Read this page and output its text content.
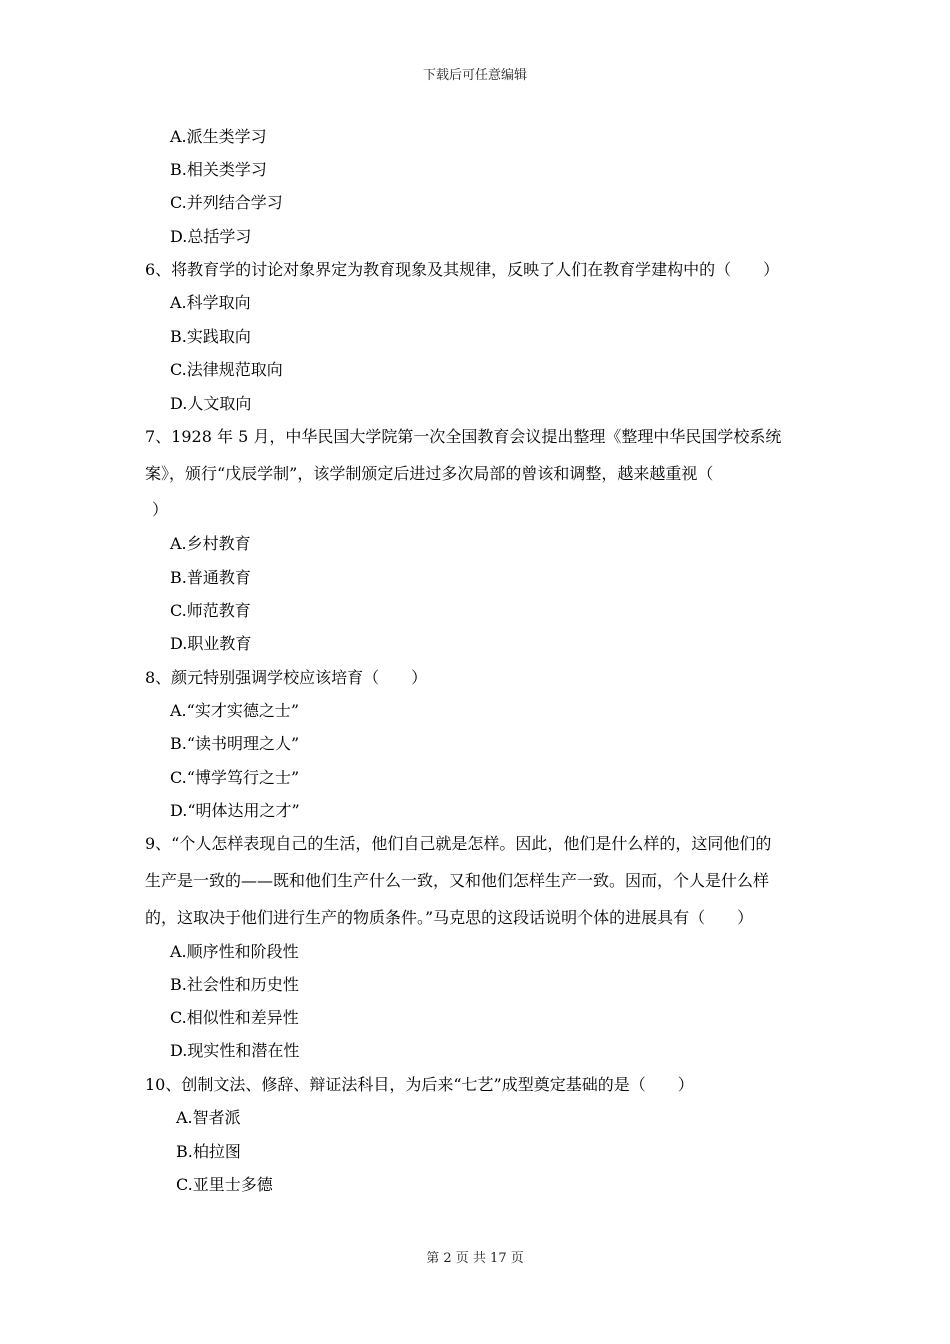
下载后可任意编辑
A.派生类学习
B.相关类学习
C.并列结合学习
D.总括学习
6、将教育学的讨论对象界定为教育现象及其规律，反映了人们在教育学建构中的（　　）
A.科学取向
B.实践取向
C.法律规范取向
D.人文取向
7、1928 年 5 月，中华民国大学院第一次全国教育会议提出整理《整理中华民国学校系统
案》，颁行“戊辰学制”，该学制颁定后进过多次局部的曾该和调整，越来越重视（
）
A.乡村教育
B.普通教育
C.师范教育
D.职业教育
8、颜元特别强调学校应该培育（　　）
A.“实才实德之士”
B.“读书明理之人”
C.“博学笃行之士”
D.“明体达用之才”
9、“个人怎样表现自己的生活，他们自己就是怎样。因此，他们是什么样的，这同他们的
生产是一致的——既和他们生产什么一致，又和他们怎样生产一致。因而，个人是什么样
的，这取决于他们进行生产的物质条件。”马克思的这段话说明个体的进展具有（　　）
A.顺序性和阶段性
B.社会性和历史性
C.相似性和差异性
D.现实性和潜在性
10、创制文法、修辞、辩证法科目，为后来“七艺”成型奠定基础的是（　　）
A.智者派
B.柏拉图
C.亚里士多德
第 2 页 共 17 页
